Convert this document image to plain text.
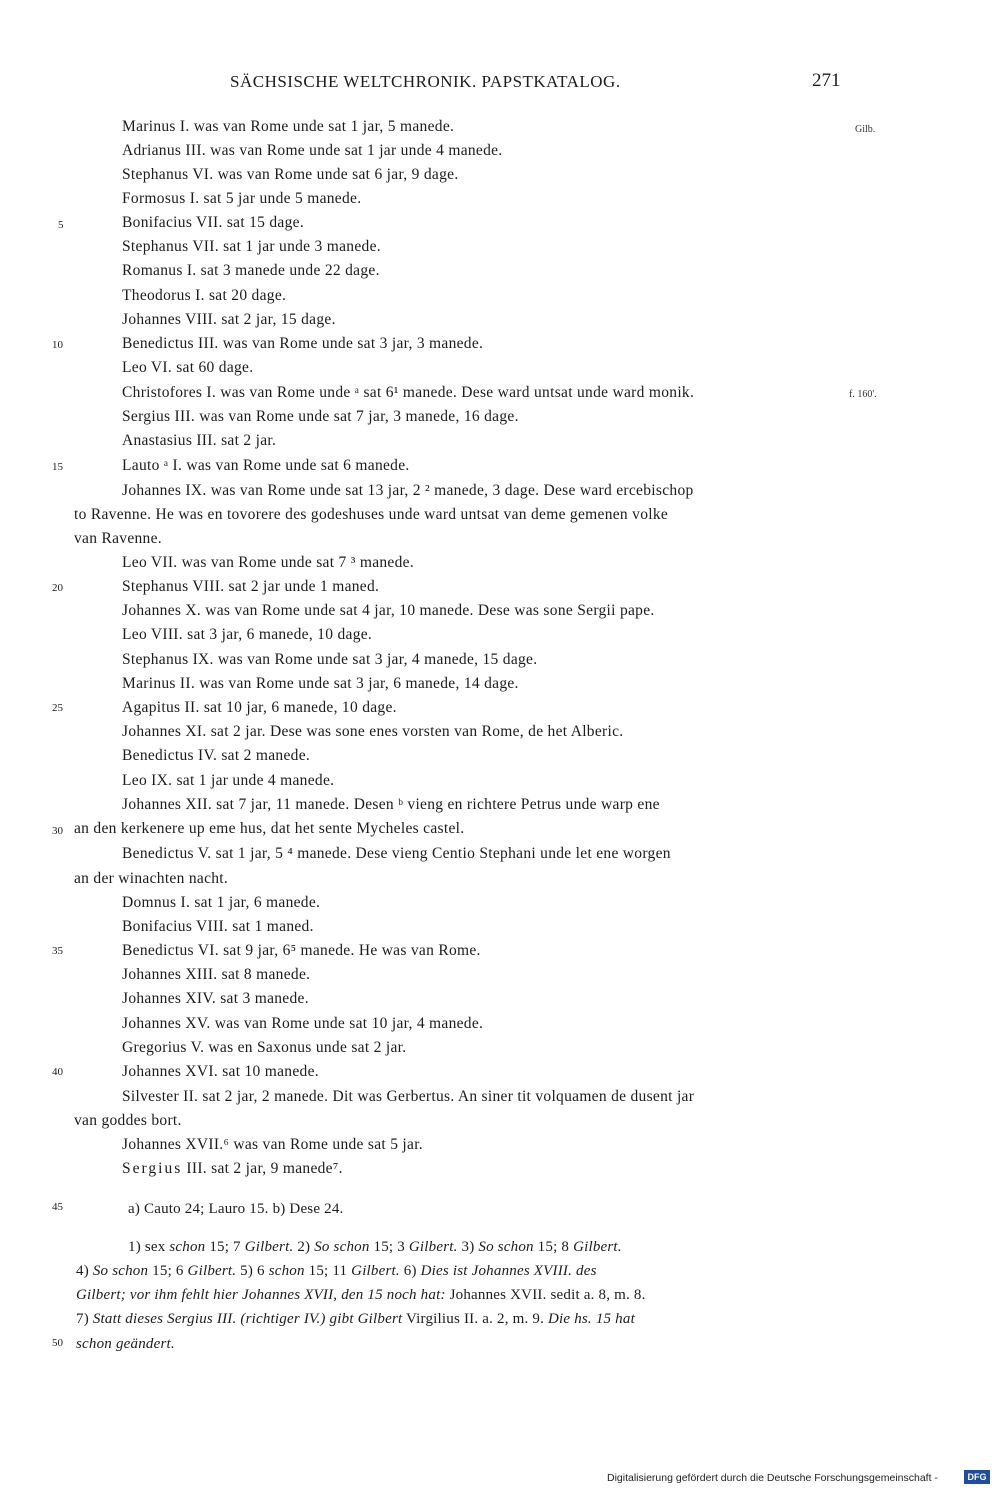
SÄCHSISCHE WELTCHRONIK. PAPSTKATALOG.	271
Gilb.
f. 160'.
5
10
15
20
25
30
35
40
45
50
Marinus I. was van Rome unde sat 1 jar, 5 manede.
Adrianus III. was van Rome unde sat 1 jar unde 4 manede.
Stephanus VI. was van Rome unde sat 6 jar, 9 dage.
Formosus I. sat 5 jar unde 5 manede.
Bonifacius VII. sat 15 dage.
Stephanus VII. sat 1 jar unde 3 manede.
Romanus I. sat 3 manede unde 22 dage.
Theodorus I. sat 20 dage.
Johannes VIII. sat 2 jar, 15 dage.
Benedictus III. was van Rome unde sat 3 jar, 3 manede.
Leo VI. sat 60 dage.
Christofores I. was van Rome unde ᵃ sat 6¹ manede. Dese ward untsat unde ward monik.
Sergius III. was van Rome unde sat 7 jar, 3 manede, 16 dage.
Anastasius III. sat 2 jar.
Lauto ᵃ I. was van Rome unde sat 6 manede.
Johannes IX. was van Rome unde sat 13 jar, 2 ² manede, 3 dage. Dese ward ercebischop
to Ravenne. He was en tovorere des godeshuses unde ward untsat van deme gemenen volke
van Ravenne.
Leo VII. was van Rome unde sat 7 ³ manede.
Stephanus VIII. sat 2 jar unde 1 maned.
Johannes X. was van Rome unde sat 4 jar, 10 manede. Dese was sone Sergii pape.
Leo VIII. sat 3 jar, 6 manede, 10 dage.
Stephanus IX. was van Rome unde sat 3 jar, 4 manede, 15 dage.
Marinus II. was van Rome unde sat 3 jar, 6 manede, 14 dage.
Agapitus II. sat 10 jar, 6 manede, 10 dage.
Johannes XI. sat 2 jar. Dese was sone enes vorsten van Rome, de het Alberic.
Benedictus IV. sat 2 manede.
Leo IX. sat 1 jar unde 4 manede.
Johannes XII. sat 7 jar, 11 manede. Desen ᵇ vieng en richtere Petrus unde warp ene
an den kerkenere up eme hus, dat het sente Mycheles castel.
Benedictus V. sat 1 jar, 5 ⁴ manede. Dese vieng Centio Stephani unde let ene worgen
an der winachten nacht.
Domnus I. sat 1 jar, 6 manede.
Bonifacius VIII. sat 1 maned.
Benedictus VI. sat 9 jar, 6⁵ manede. He was van Rome.
Johannes XIII. sat 8 manede.
Johannes XIV. sat 3 manede.
Johannes XV. was van Rome unde sat 10 jar, 4 manede.
Gregorius V. was en Saxonus unde sat 2 jar.
Johannes XVI. sat 10 manede.
Silvester II. sat 2 jar, 2 manede. Dit was Gerbertus. An siner tit volquamen de dusent jar
van goddes bort.
Johannes XVII.⁶ was van Rome unde sat 5 jar.
Sergius III. sat 2 jar, 9 manede⁷.
a) Cauto 24; Lauro 15. b) Dese 24.
1) sex schon 15; 7 Gilbert. 2) So schon 15; 3 Gilbert. 3) So schon 15; 8 Gilbert.
4) So schon 15; 6 Gilbert. 5) 6 schon 15; 11 Gilbert. 6) Dies ist Johannes XVIII. des
Gilbert; vor ihm fehlt hier Johannes XVII, den 15 noch hat: Johannes XVII. sedit a. 8, m. 8.
7) Statt dieses Sergius III. (richtiger IV.) gibt Gilbert Virgilius II. a. 2, m. 9. Die hs. 15 hat
schon geändert.
Digitalisierung gefördert durch die Deutsche Forschungsgemeinschaft -	DFG
